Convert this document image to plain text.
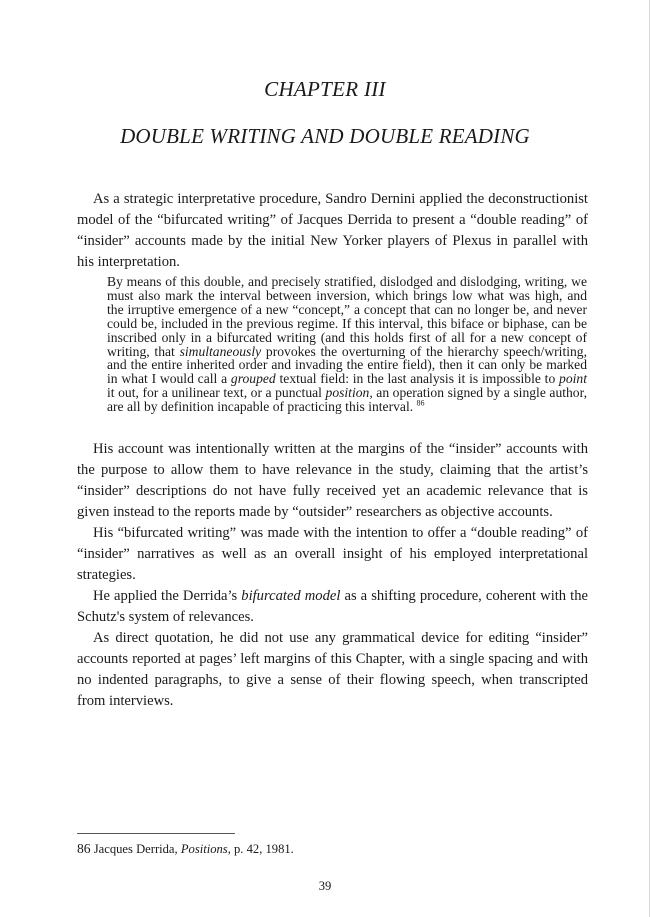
CHAPTER III
DOUBLE WRITING AND DOUBLE READING

As a strategic interpretative procedure, Sandro Dernini applied the deconstructionist model of the “bifurcated writing” of Jacques Derrida to present a “double reading” of “insider” accounts made by the initial New Yorker players of Plexus in parallel with his interpretation.

By means of this double, and precisely stratified, dislodged and dislodging, writing, we must also mark the interval between inversion, which brings low what was high, and the irruptive emergence of a new “concept,” a concept that can no longer be, and never could be, included in the previous regime. If this interval, this biface or biphase, can be inscribed only in a bifurcated writing (and this holds first of all for a new concept of writing, that simultaneously provokes the overturning of the hierarchy speech/writing, and the entire inherited order and invading the entire field), then it can only be marked in what I would call a grouped textual field: in the last analysis it is impossible to point it out, for a unilinear text, or a punctual position, an operation signed by a single author, are all by definition incapable of practicing this interval. $^{86}$

His account was intentionally written at the margins of the “insider” accounts with the purpose to allow them to have relevance in the study, claiming that the artist’s “insider” descriptions do not have fully received yet an academic relevance that is given instead to the reports made by “outsider” researchers as objective accounts.

His “bifurcated writing” was made with the intention to offer a “double reading” of “insider” narratives as well as an overall insight of his employed interpretational strategies.

He applied the Derrida’s bifurcated model as a shifting procedure, coherent with the Schutz's system of relevances.

As direct quotation, he did not use any grammatical device for editing “insider” accounts reported at pages’ left margins of this Chapter, with a single spacing and with no indented paragraphs, to give a sense of their flowing speech, when transcripted from interviews.

86 Jacques Derrida, Positions, p. 42, 1981.
39
